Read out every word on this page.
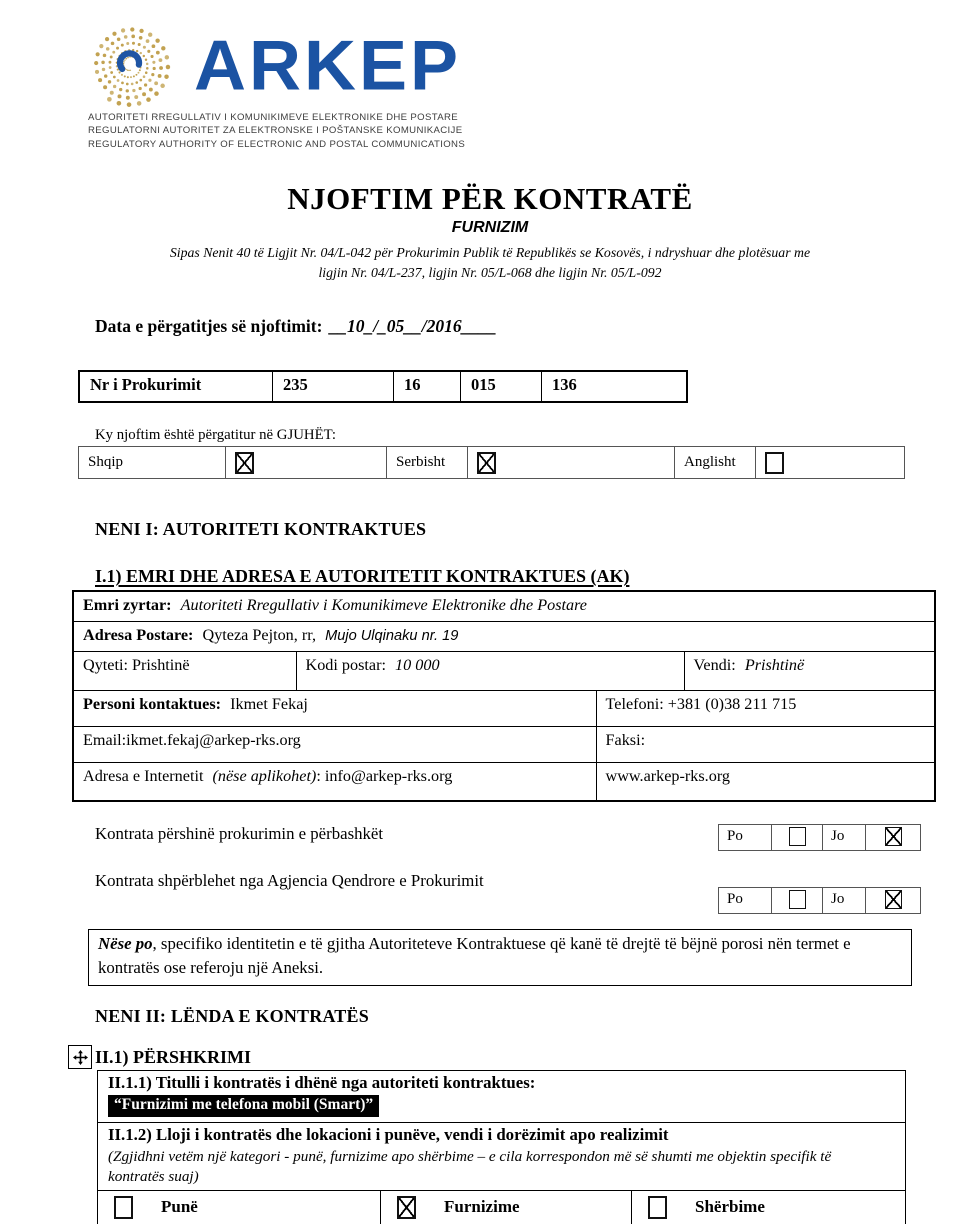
ARKEP
AUTORITETI RREGULLATIV I KOMUNIKIMEVE ELEKTRONIKE DHE POSTARE
REGULATORNI AUTORITET ZA ELEKTRONSKE I POŠTANSKE KOMUNIKACIJE
REGULATORY AUTHORITY OF ELECTRONIC AND POSTAL COMMUNICATIONS
NJOFTIM PËR KONTRATË
FURNIZIM
Sipas Nenit 40 të Ligjit Nr. 04/L-042 për Prokurimin Publik të Republikës se Kosovës, i ndryshuar dhe plotësuar me
ligjin Nr. 04/L-237, ligjin Nr. 05/L-068 dhe ligjin Nr. 05/L-092
Data e përgatitjes së njoftimit: __10_/_05__/2016____
Nr i Prokurimit	235	16	015	136
Ky njoftim është përgatitur në GJUHËT:
Shqip		Serbisht		Anglisht	
NENI I: AUTORITETI KONTRAKTUES
I.1) EMRI DHE ADRESA E AUTORITETIT KONTRAKTUES (AK)
Emri zyrtar: Autoriteti Rregullativ i Komunikimeve Elektronike dhe Postare			
Adresa Postare: Qyteza Pejton, rr, Mujo Ulqinaku nr. 19			
Qyteti: Prishtinë	Kodi postar: 10 000		Vendi: Prishtinë
Personi kontaktues: Ikmet Fekaj		Telefoni: +381 (0)38 211 715	
Email:ikmet.fekaj@arkep-rks.org		Faksi:	
Adresa e Internetit (nëse aplikohet): info@arkep-rks.org		www.arkep-rks.org	
Kontrata përshinë prokurimin e përbashkët	Po		Jo	
Kontrata shpërblehet nga Agjencia Qendrore e Prokurimit
Po		Jo	
Nëse po, specifiko identitetin e të gjitha Autoriteteve Kontraktuese që kanë të drejtë të bëjnë porosi nën termet e kontratës ose referoju një Aneksi.
NENI II: LËNDA E KONTRATËS
II.1) PËRSHKRIMI
II.1.1) Titulli i kontratës i dhënë nga autoriteti kontraktues:
“Furnizimi me telefona mobil (Smart)”
II.1.2) Lloji i kontratës dhe lokacioni i punëve, vendi i dorëzimit apo realizimit
(Zgjidhni vetëm një kategori - punë, furnizime apo shërbime – e cila korrespondon më së shumti me objektin specifik të kontratës suaj)
Punë	Furnizime	Shërbime
